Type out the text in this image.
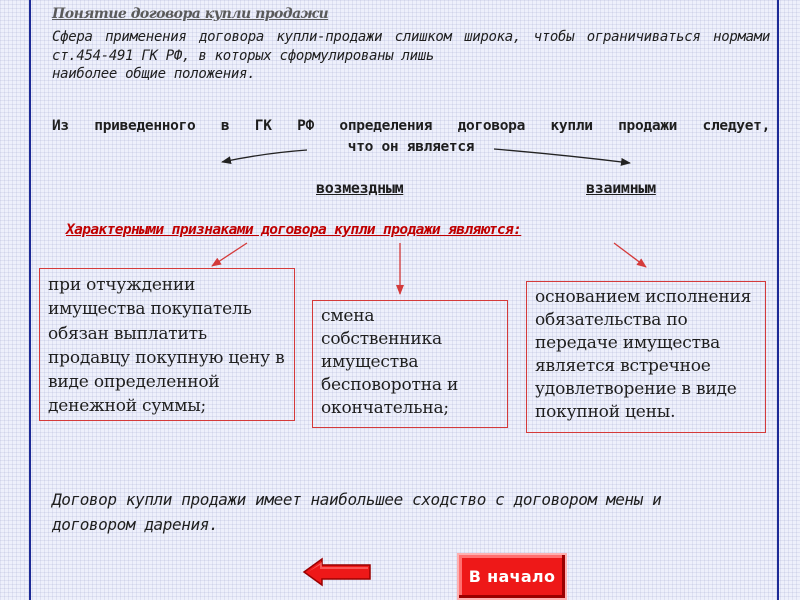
Понятие договора купли продажи
Сфера применения договора купли-продажи слишком широка, чтобы ограничиваться нормами ст.454-491 ГК РФ, в которых сформулированы лишь
наиболее общие положения.
Из приведенного в ГК РФ определения договора купли продажи следует,
что он является
возмездным	взаимным
Характерными признаками договора купли продажи являются:
при отчуждении имущества покупатель обязан выплатить продавцу покупную цену в виде определенной денежной суммы;
смена собственника имущества бесповоротна и окончательна;
основанием исполнения обязательства по передаче имущества является встречное удовлетворение в виде покупной цены.
Договор купли продажи имеет наибольшее сходство с договором мены и договором дарения.
В начало
